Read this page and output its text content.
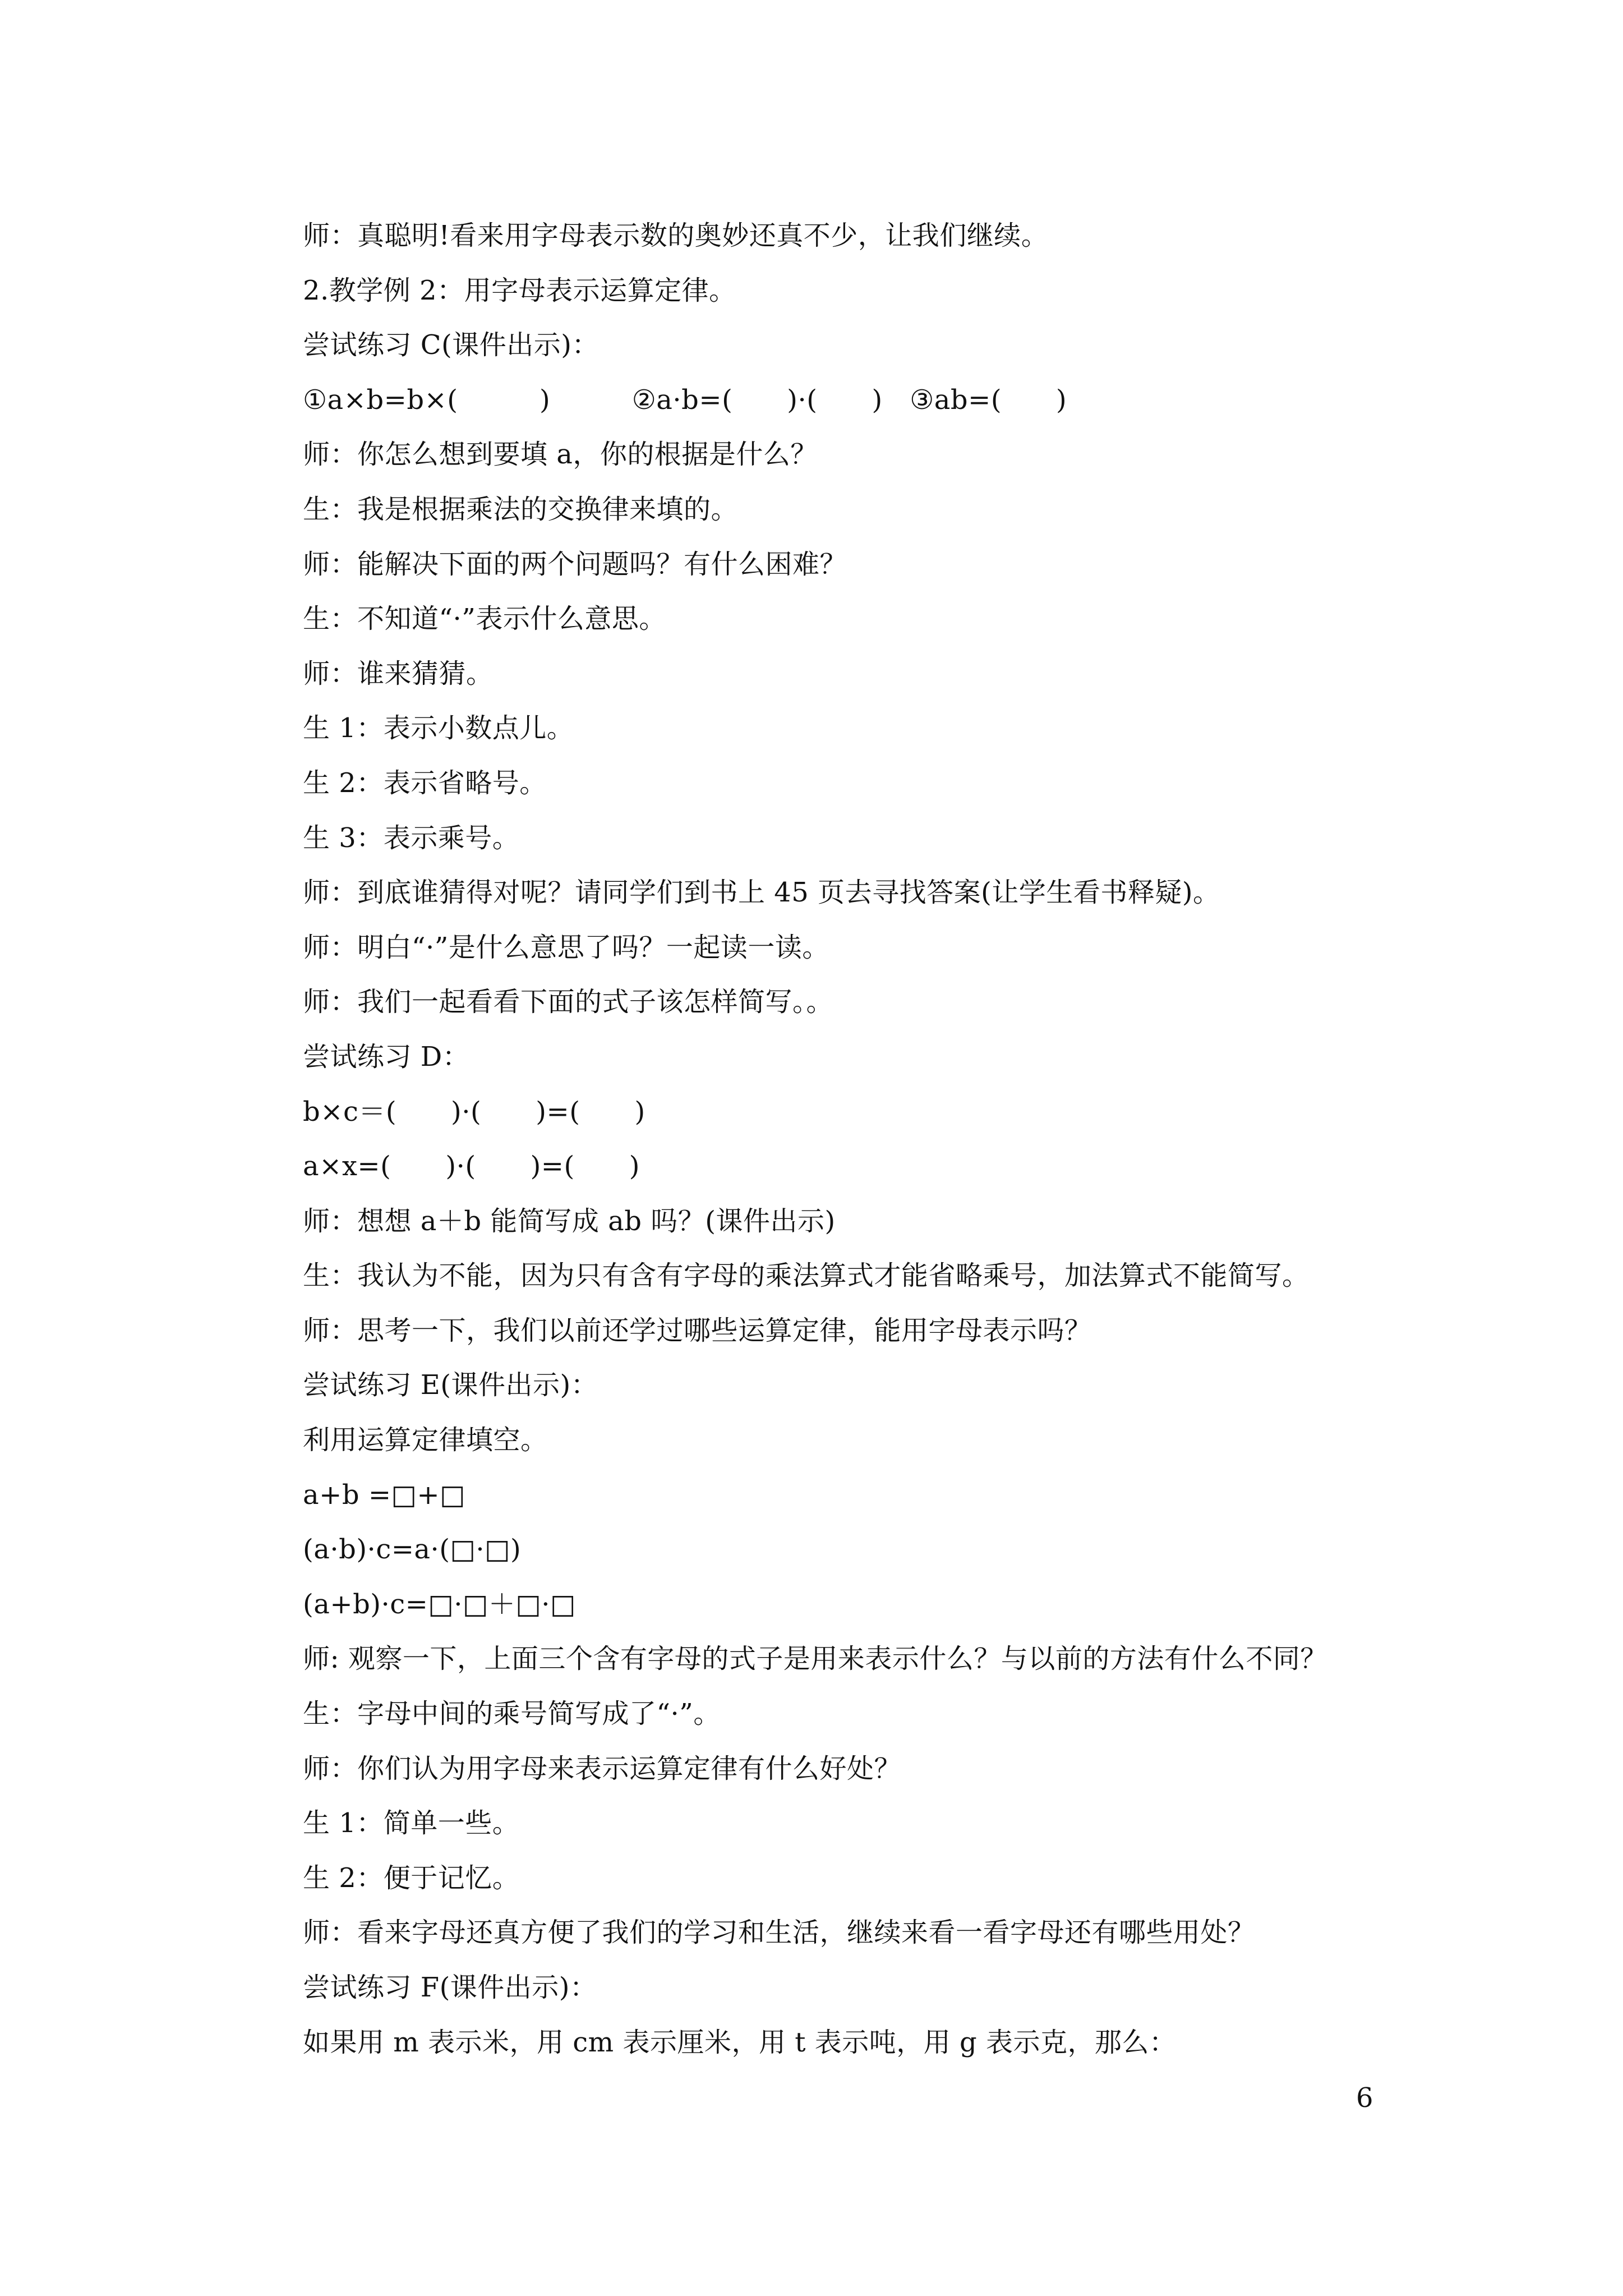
师：真聪明!看来用字母表示数的奥妙还真不少，让我们继续。
2.教学例 2：用字母表示运算定律。
尝试练习 C(课件出示)：
①a×b=b×(　　　)　　　②a·b=(　　)·(　　)　③ab=(　　)
师：你怎么想到要填 a，你的根据是什么？
生：我是根据乘法的交换律来填的。
师：能解决下面的两个问题吗？有什么困难？
生：不知道“·”表示什么意思。
师：谁来猜猜。
生 1：表示小数点儿。
生 2：表示省略号。
生 3：表示乘号。
师：到底谁猜得对呢？请同学们到书上 45 页去寻找答案(让学生看书释疑)。
师：明白“·”是什么意思了吗？一起读一读。
师：我们一起看看下面的式子该怎样简写。。
尝试练习 D：
b×c＝(　　)·(　　)=(　　)
a×x=(　　)·(　　)=(　　)
师：想想 a＋b 能简写成 ab 吗？(课件出示)
生：我认为不能，因为只有含有字母的乘法算式才能省略乘号，加法算式不能简写。
师：思考一下，我们以前还学过哪些运算定律，能用字母表示吗？
尝试练习 E(课件出示)：
利用运算定律填空。
a+b =□+□
(a·b)·c=a·(□·□)
(a+b)·c=□·□＋□·□
师: 观察一下，上面三个含有字母的式子是用来表示什么？与以前的方法有什么不同？
生：字母中间的乘号简写成了“·”。
师：你们认为用字母来表示运算定律有什么好处？
生 1：简单一些。
生 2：便于记忆。
师：看来字母还真方便了我们的学习和生活，继续来看一看字母还有哪些用处？
尝试练习 F(课件出示)：
如果用 m 表示米，用 cm 表示厘米，用 t 表示吨，用 g 表示克，那么：
6
